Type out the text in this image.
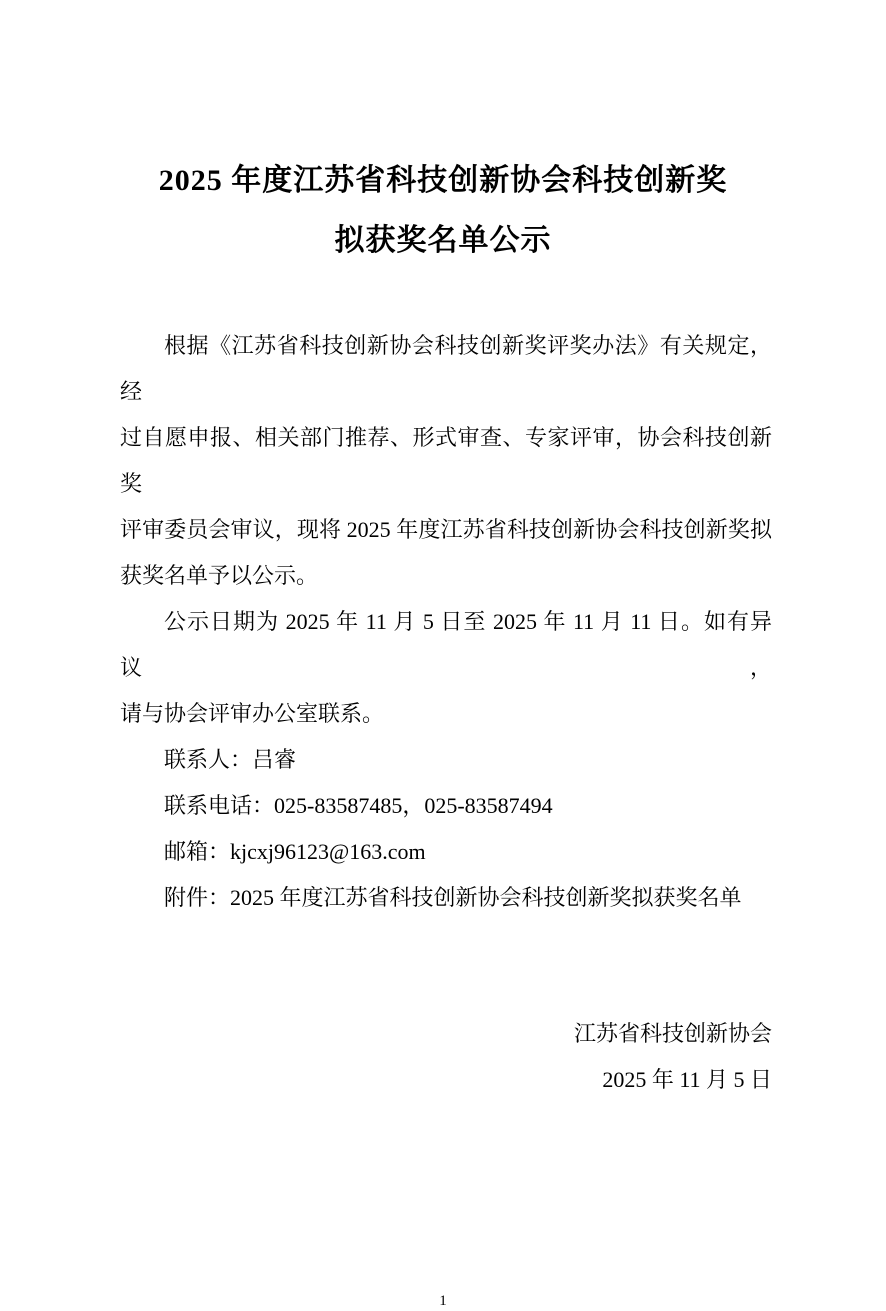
2025 年度江苏省科技创新协会科技创新奖
拟获奖名单公示
根据《江苏省科技创新协会科技创新奖评奖办法》有关规定，经
过自愿申报、相关部门推荐、形式审查、专家评审，协会科技创新奖
评审委员会审议，现将 2025 年度江苏省科技创新协会科技创新奖拟
获奖名单予以公示。
公示日期为 2025 年 11 月 5 日至 2025 年 11 月 11 日。如有异议，
请与协会评审办公室联系。
联系人：吕睿
联系电话：025-83587485，025-83587494
邮箱：kjcxj96123@163.com
附件：2025 年度江苏省科技创新协会科技创新奖拟获奖名单
江苏省科技创新协会
2025 年 11 月 5 日
1
